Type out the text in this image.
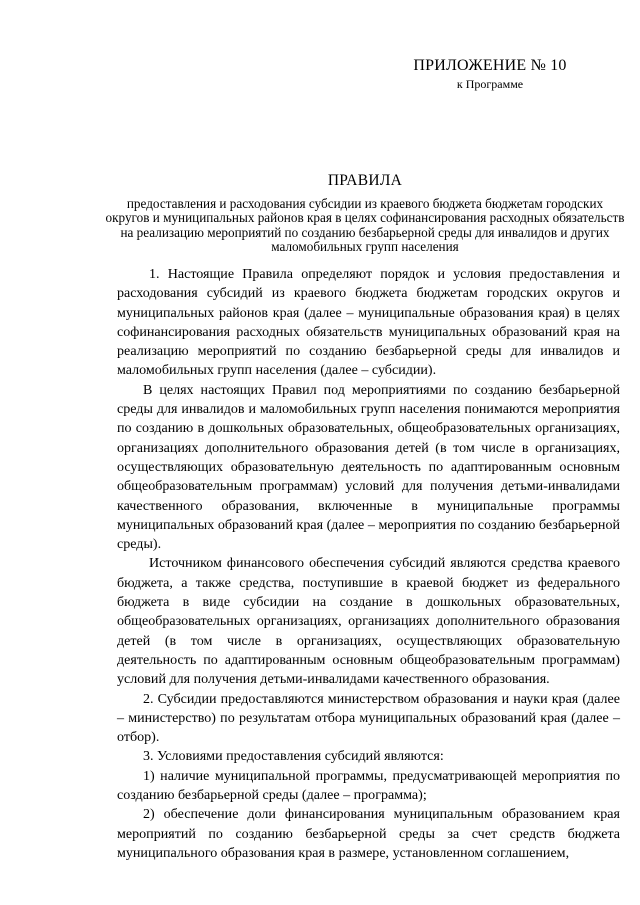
ПРИЛОЖЕНИЕ № 10
к Программе
ПРАВИЛА
предоставления и расходования субсидии из краевого бюджета бюджетам городских округов и муниципальных районов края в целях софинансирования расходных обязательств на реализацию мероприятий по созданию безбарьерной среды для инвалидов и других маломобильных групп населения

1. Настоящие Правила определяют порядок и условия предоставления и расходования субсидий из краевого бюджета бюджетам городских округов и муниципальных районов края (далее – муниципальные образования края) в целях софинансирования расходных обязательств муниципальных образований края на реализацию мероприятий по созданию безбарьерной среды для инвалидов и маломобильных групп населения (далее – субсидии).

В целях настоящих Правил под мероприятиями по созданию безбарьерной среды для инвалидов и маломобильных групп населения понимаются мероприятия по созданию в дошкольных образовательных, общеобразовательных организациях, организациях дополнительного образования детей (в том числе в организациях, осуществляющих образовательную деятельность по адаптированным основным общеобразовательным программам) условий для получения детьми-инвалидами качественного образования, включенные в муниципальные программы муниципальных образований края (далее – мероприятия по созданию безбарьерной среды).

Источником финансового обеспечения субсидий являются средства краевого бюджета, а также средства, поступившие в краевой бюджет из федерального бюджета в виде субсидии на создание в дошкольных образовательных, общеобразовательных организациях, организациях дополнительного образования детей (в том числе в организациях, осуществляющих образовательную деятельность по адаптированным основным общеобразовательным программам) условий для получения детьми-инвалидами качественного образования.

2. Субсидии предоставляются министерством образования и науки края (далее – министерство) по результатам отбора муниципальных образований края (далее – отбор).

3. Условиями предоставления субсидий являются:

1) наличие муниципальной программы, предусматривающей мероприятия по созданию безбарьерной среды (далее – программа);

2) обеспечение доли финансирования муниципальным образованием края мероприятий по созданию безбарьерной среды за счет средств бюджета муниципального образования края в размере, установленном соглашением,
